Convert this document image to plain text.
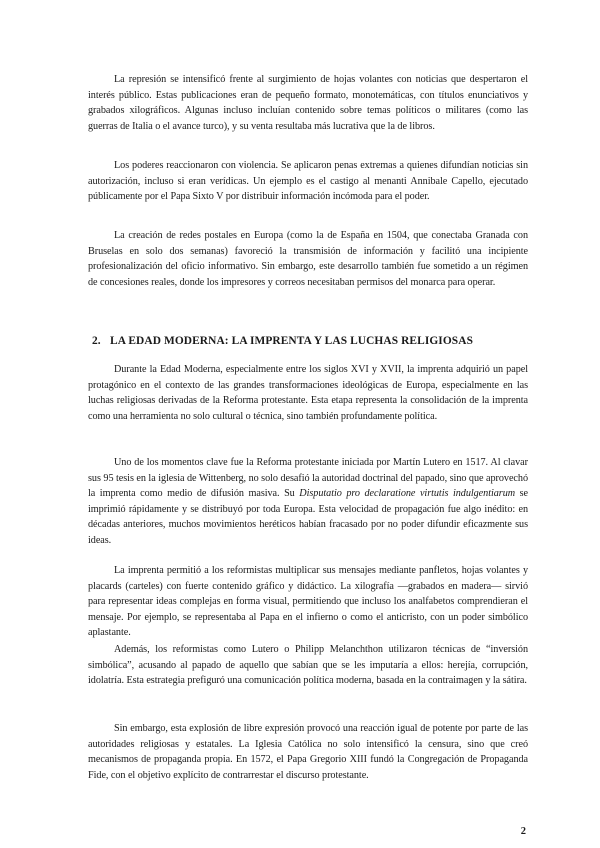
La represión se intensificó frente al surgimiento de hojas volantes con noticias que despertaron el interés público. Estas publicaciones eran de pequeño formato, monotemáticas, con títulos enunciativos y grabados xilográficos. Algunas incluso incluían contenido sobre temas políticos o militares (como las guerras de Italia o el avance turco), y su venta resultaba más lucrativa que la de libros.

Los poderes reaccionaron con violencia. Se aplicaron penas extremas a quienes difundían noticias sin autorización, incluso si eran verídicas. Un ejemplo es el castigo al menanti Annibale Capello, ejecutado públicamente por el Papa Sixto V por distribuir información incómoda para el poder.

La creación de redes postales en Europa (como la de España en 1504, que conectaba Granada con Bruselas en solo dos semanas) favoreció la transmisión de información y facilitó una incipiente profesionalización del oficio informativo. Sin embargo, este desarrollo también fue sometido a un régimen de concesiones reales, donde los impresores y correos necesitaban permisos del monarca para operar.

2. LA EDAD MODERNA: LA IMPRENTA Y LAS LUCHAS RELIGIOSAS

Durante la Edad Moderna, especialmente entre los siglos XVI y XVII, la imprenta adquirió un papel protagónico en el contexto de las grandes transformaciones ideológicas de Europa, especialmente en las luchas religiosas derivadas de la Reforma protestante. Esta etapa representa la consolidación de la imprenta como una herramienta no solo cultural o técnica, sino también profundamente política.

Uno de los momentos clave fue la Reforma protestante iniciada por Martín Lutero en 1517. Al clavar sus 95 tesis en la iglesia de Wittenberg, no solo desafió la autoridad doctrinal del papado, sino que aprovechó la imprenta como medio de difusión masiva. Su Disputatio pro declaratione virtutis indulgentiarum se imprimió rápidamente y se distribuyó por toda Europa. Esta velocidad de propagación fue algo inédito: en décadas anteriores, muchos movimientos heréticos habían fracasado por no poder difundir eficazmente sus ideas.

La imprenta permitió a los reformistas multiplicar sus mensajes mediante panfletos, hojas volantes y placards (carteles) con fuerte contenido gráfico y didáctico. La xilografía —grabados en madera— sirvió para representar ideas complejas en forma visual, permitiendo que incluso los analfabetos comprendieran el mensaje. Por ejemplo, se representaba al Papa en el infierno o como el anticristo, con un poder simbólico aplastante.

Además, los reformistas como Lutero o Philipp Melanchthon utilizaron técnicas de “inversión simbólica”, acusando al papado de aquello que sabían que se les imputaría a ellos: herejía, corrupción, idolatría. Esta estrategia prefiguró una comunicación política moderna, basada en la contraimagen y la sátira.

Sin embargo, esta explosión de libre expresión provocó una reacción igual de potente por parte de las autoridades religiosas y estatales. La Iglesia Católica no solo intensificó la censura, sino que creó mecanismos de propaganda propia. En 1572, el Papa Gregorio XIII fundó la Congregación de Propaganda Fide, con el objetivo explícito de contrarrestar el discurso protestante.

2
